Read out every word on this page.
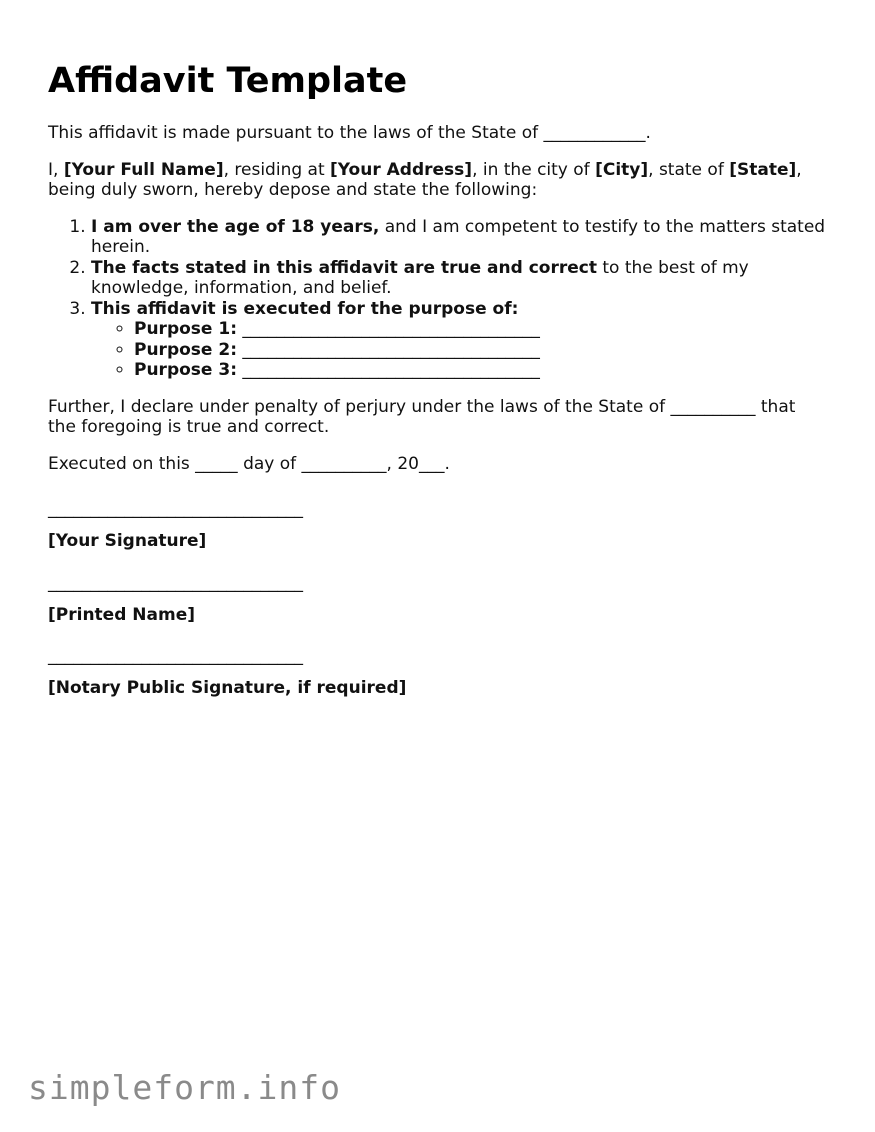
Affidavit Template

This affidavit is made pursuant to the laws of the State of ____________.

I, [Your Full Name], residing at [Your Address], in the city of [City], state of [State], being duly sworn, hereby depose and state the following:

1. I am over the age of 18 years, and I am competent to testify to the matters stated herein.
2. The facts stated in this affidavit are true and correct to the best of my knowledge, information, and belief.
3. This affidavit is executed for the purpose of:
◦ Purpose 1: ___________________________________
◦ Purpose 2: ___________________________________
◦ Purpose 3: ___________________________________

Further, I declare under penalty of perjury under the laws of the State of __________ that the foregoing is true and correct.

Executed on this _____ day of __________, 20___.

______________________________
[Your Signature]
______________________________
[Printed Name]
______________________________
[Notary Public Signature, if required]
simpleform.info
